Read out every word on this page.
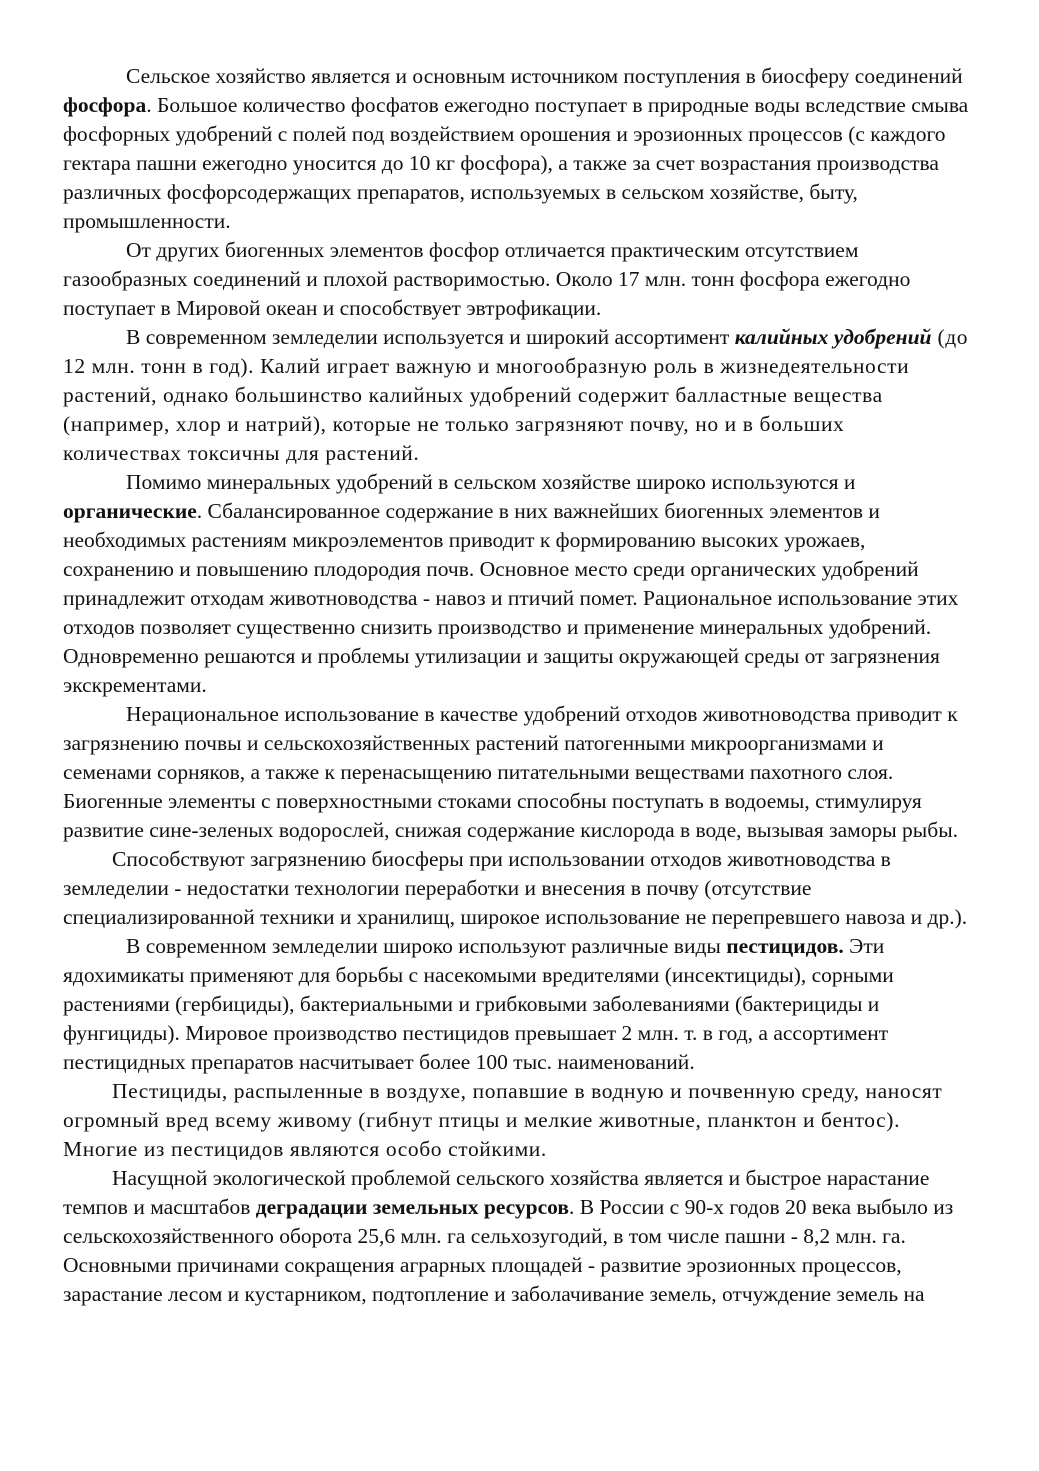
Сельское хозяйство является и основным источником поступления в биосферу соединений фосфора. Большое количество фосфатов ежегодно поступает в природные воды вследствие смыва фосфорных удобрений с полей под воздействием орошения и эрозионных процессов (с каждого гектара пашни ежегодно уносится до 10 кг фосфора), а также за счет возрастания производства различных фосфорсодержащих препаратов, используемых в сельском хозяйстве, быту, промышленности.

От других биогенных элементов фосфор отличается практическим отсутствием газообразных соединений и плохой растворимостью. Около 17 млн. тонн фосфора ежегодно поступает в Мировой океан и способствует эвтрофикации.

В современном земледелии используется и широкий ассортимент калийных удобрений (до 12 млн. тонн в год). Калий играет важную и многообразную роль в жизнедеятельности растений, однако большинство калийных удобрений содержит балластные вещества (например, хлор и натрий), которые не только загрязняют почву, но и в больших количествах токсичны для растений.

Помимо минеральных удобрений в сельском хозяйстве широко используются и органические. Сбалансированное содержание в них важнейших биогенных элементов и необходимых растениям микроэлементов приводит к формированию высоких урожаев, сохранению и повышению плодородия почв. Основное место среди органических удобрений принадлежит отходам животноводства - навоз и птичий помет. Рациональное использование этих отходов позволяет существенно снизить производство и применение минеральных удобрений. Одновременно решаются и проблемы утилизации и защиты окружающей среды от загрязнения экскрементами.

Нерациональное использование в качестве удобрений отходов животноводства приводит к загрязнению почвы и сельскохозяйственных растений патогенными микроорганизмами и семенами сорняков, а также к перенасыщению питательными веществами пахотного слоя. Биогенные элементы с поверхностными стоками способны поступать в водоемы, стимулируя развитие сине-зеленых водорослей, снижая содержание кислорода в воде, вызывая заморы рыбы.

Способствуют загрязнению биосферы при использовании отходов животноводства в земледелии - недостатки технологии переработки и внесения в почву (отсутствие специализированной техники и хранилищ, широкое использование не перепревшего навоза и др.).

В современном земледелии широко используют различные виды пестицидов. Эти ядохимикаты применяют для борьбы с насекомыми вредителями (инсектициды), сорными растениями (гербициды), бактериальными и грибковыми заболеваниями (бактерициды и фунгициды). Мировое производство пестицидов превышает 2 млн. т. в год, а ассортимент пестицидных препаратов насчитывает более 100 тыс. наименований.

Пестициды, распыленные в воздухе, попавшие в водную и почвенную среду, наносят огромный вред всему живому (гибнут птицы и мелкие животные, планктон и бентос). Многие из пестицидов являются особо стойкими.

Насущной экологической проблемой сельского хозяйства является и быстрое нарастание темпов и масштабов деградации земельных ресурсов. В России с 90-х годов 20 века выбыло из сельскохозяйственного оборота 25,6 млн. га сельхозугодий, в том числе пашни - 8,2 млн. га. Основными причинами сокращения аграрных площадей - развитие эрозионных процессов, зарастание лесом и кустарником, подтопление и заболачивание земель, отчуждение земель на
